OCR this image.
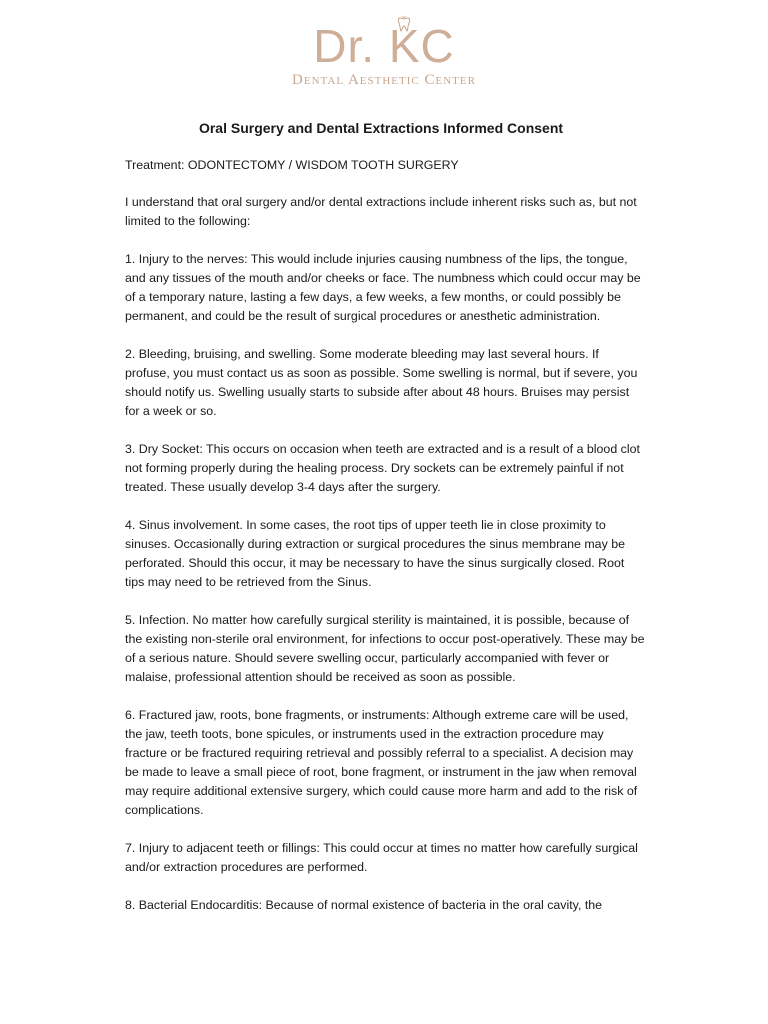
Dr. KC
Dental Aesthetic Center
Oral Surgery and Dental Extractions Informed Consent
Treatment: ODONTECTOMY / WISDOM TOOTH SURGERY
I understand that oral surgery and/or dental extractions include inherent risks such as, but not limited to the following:
1. Injury to the nerves: This would include injuries causing numbness of the lips, the tongue, and any tissues of the mouth and/or cheeks or face. The numbness which could occur may be of a temporary nature, lasting a few days, a few weeks, a few months, or could possibly be permanent, and could be the result of surgical procedures or anesthetic administration.
2. Bleeding, bruising, and swelling. Some moderate bleeding may last several hours. If profuse, you must contact us as soon as possible. Some swelling is normal, but if severe, you should notify us. Swelling usually starts to subside after about 48 hours. Bruises may persist for a week or so.
3. Dry Socket: This occurs on occasion when teeth are extracted and is a result of a blood clot not forming properly during the healing process. Dry sockets can be extremely painful if not treated. These usually develop 3-4 days after the surgery.
4. Sinus involvement. In some cases, the root tips of upper teeth lie in close proximity to sinuses. Occasionally during extraction or surgical procedures the sinus membrane may be perforated. Should this occur, it may be necessary to have the sinus surgically closed. Root tips may need to be retrieved from the Sinus.
5. Infection. No matter how carefully surgical sterility is maintained, it is possible, because of the existing non-sterile oral environment, for infections to occur post-operatively. These may be of a serious nature. Should severe swelling occur, particularly accompanied with fever or malaise, professional attention should be received as soon as possible.
6. Fractured jaw, roots, bone fragments, or instruments: Although extreme care will be used, the jaw, teeth toots, bone spicules, or instruments used in the extraction procedure may fracture or be fractured requiring retrieval and possibly referral to a specialist. A decision may be made to leave a small piece of root, bone fragment, or instrument in the jaw when removal may require additional extensive surgery, which could cause more harm and add to the risk of complications.
7. Injury to adjacent teeth or fillings: This could occur at times no matter how carefully surgical and/or extraction procedures are performed.
8. Bacterial Endocarditis: Because of normal existence of bacteria in the oral cavity, the
